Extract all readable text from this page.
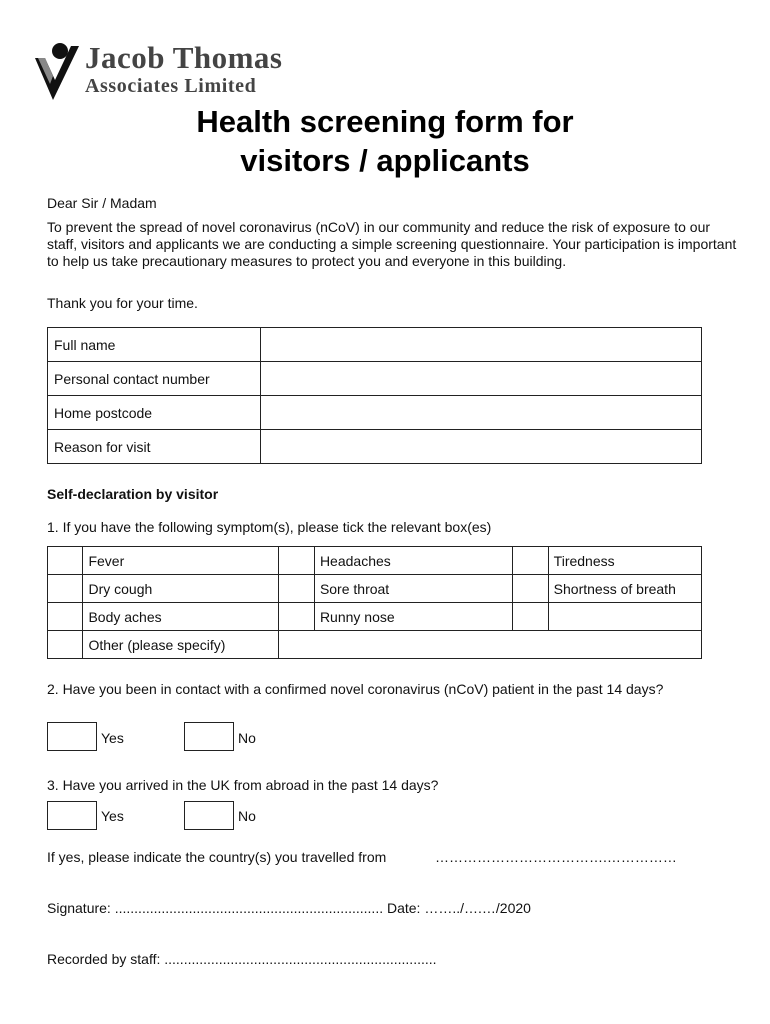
Jacob Thomas
Associates Limited
Health screening form for
visitors / applicants
Dear Sir / Madam
To prevent the spread of novel coronavirus (nCoV) in our community and reduce the risk of exposure to our staff, visitors and applicants we are conducting a simple screening questionnaire. Your participation is important to help us take precautionary measures to protect you and everyone in this building.
Thank you for your time.
Full name	
Personal contact number	
Home postcode	
Reason for visit	
Self-declaration by visitor
1. If you have the following symptom(s), please tick the relevant box(es)
	Fever		Headaches		Tiredness
	Dry cough		Sore throat		Shortness of breath
	Body aches		Runny nose		
	Other (please specify)				
2. Have you been in contact with a confirmed novel coronavirus (nCoV) patient in the past 14 days?
Yes	No
3. Have you arrived in the UK from abroad in the past 14 days?
Yes	No
If yes, please indicate the country(s) you travelled from	……………………………….……………
Signature: ..................................................................... Date: ……../….…/2020
Recorded by staff: ......................................................................
